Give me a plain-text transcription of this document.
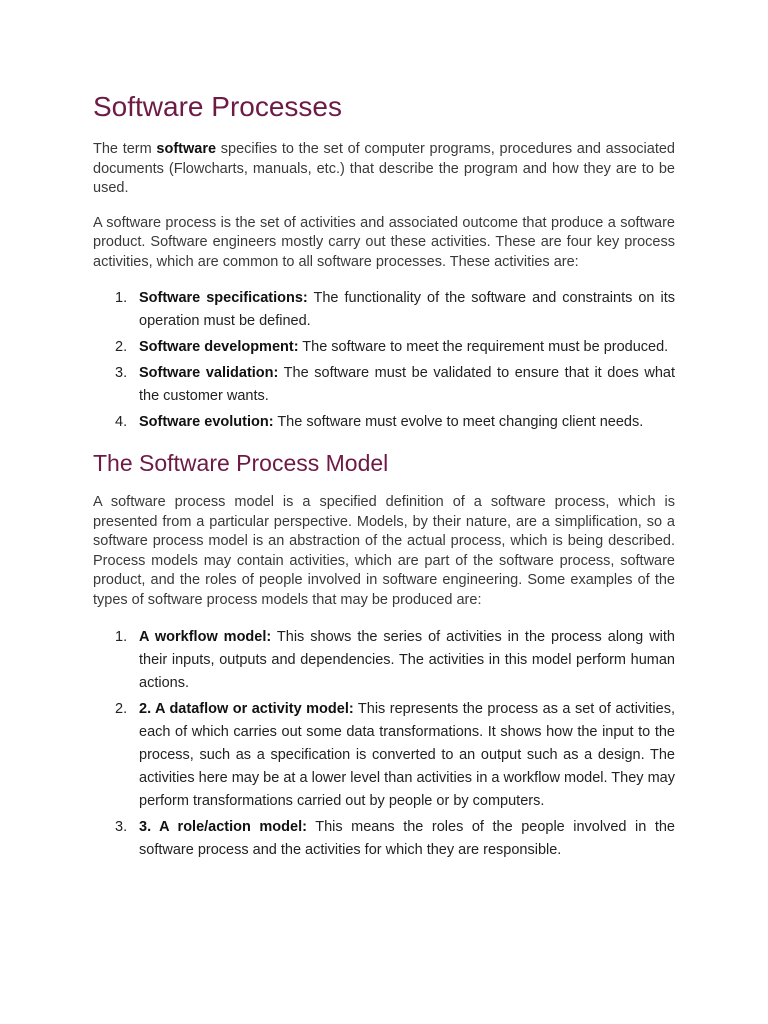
Software Processes

The term software specifies to the set of computer programs, procedures and associated documents (Flowcharts, manuals, etc.) that describe the program and how they are to be used.

A software process is the set of activities and associated outcome that produce a software product. Software engineers mostly carry out these activities. These are four key process activities, which are common to all software processes. These activities are:

1. Software specifications: The functionality of the software and constraints on its operation must be defined.
2. Software development: The software to meet the requirement must be produced.
3. Software validation: The software must be validated to ensure that it does what the customer wants.
4. Software evolution: The software must evolve to meet changing client needs.
The Software Process Model

A software process model is a specified definition of a software process, which is presented from a particular perspective. Models, by their nature, are a simplification, so a software process model is an abstraction of the actual process, which is being described. Process models may contain activities, which are part of the software process, software product, and the roles of people involved in software engineering. Some examples of the types of software process models that may be produced are:

1. A workflow model: This shows the series of activities in the process along with their inputs, outputs and dependencies. The activities in this model perform human actions.
2. 2. A dataflow or activity model: This represents the process as a set of activities, each of which carries out some data transformations. It shows how the input to the process, such as a specification is converted to an output such as a design. The activities here may be at a lower level than activities in a workflow model. They may perform transformations carried out by people or by computers.
3. 3. A role/action model: This means the roles of the people involved in the software process and the activities for which they are responsible.
